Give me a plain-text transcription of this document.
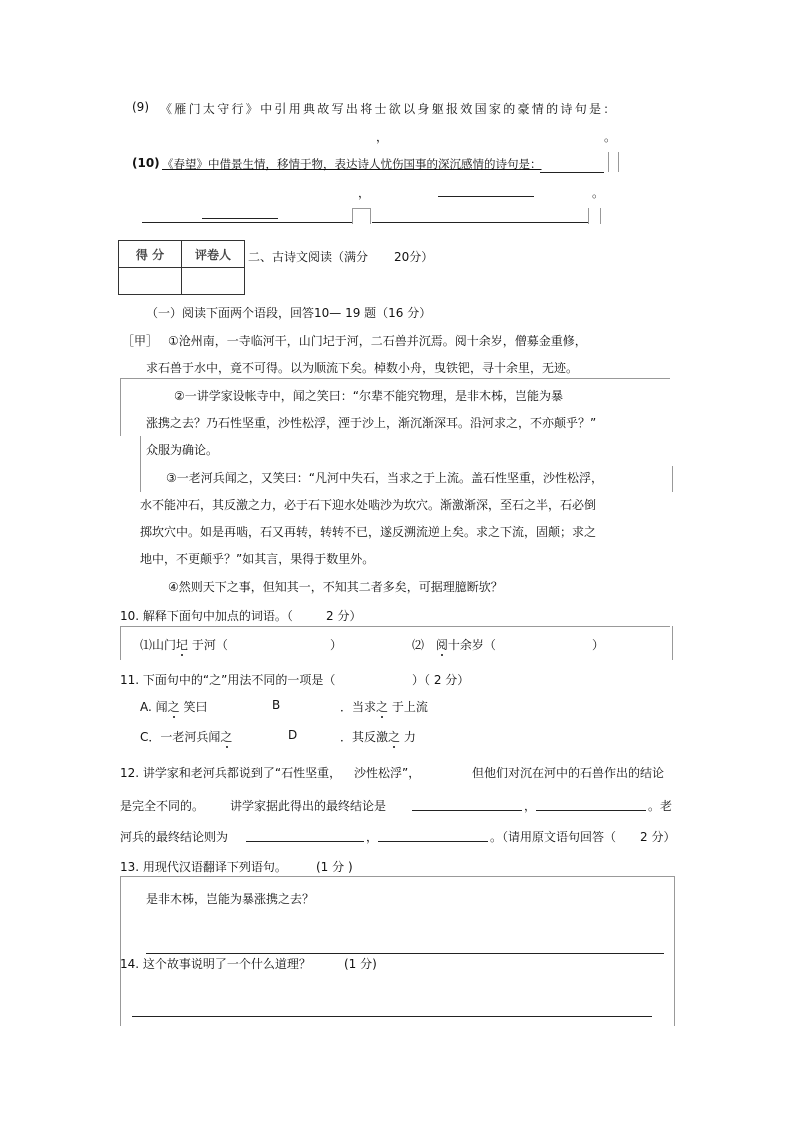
(9) 《雁门太守行》中引用典故写出将士欲以身躯报效国家的豪情的诗句是：
，	。
(10) 《春望》中借景生情，移情于物，表达诗人忧伤国事的深沉感情的诗句是：
，	。
得 分	评卷人
	二、古诗文阅读（满分 20分）
（一）阅读下面两个语段，回答 10— 19 题（16 分）
［甲］ ①沧州南，一寺临河干，山门圮于河，二石兽并沉焉。阅十余岁，僧募金重修，
求石兽于水中，竟不可得。以为顺流下矣。棹数小舟，曳铁钯，寻十余里，无迹。
②一讲学家设帐寺中，闻之笑曰：“尔辈不能究物理，是非木柹，岂能为暴
涨携之去？乃石性坚重，沙性松浮，湮于沙上，渐沉渐深耳。沿河求之，不亦颠乎？”
众服为确论。
③一老河兵闻之，又笑曰：“凡河中失石，当求之于上流。盖石性坚重，沙性松浮，
水不能冲石，其反激之力，必于石下迎水处啮沙为坎穴。渐激渐深，至石之半，石必倒
掷坎穴中。如是再啮，石又再转，转转不已，遂反溯流逆上矣。求之下流，固颠；求之
地中，不更颠乎？”如其言，果得于数里外。
④然则天下之事，但知其一，不知其二者多矣，可据理臆断欤？
10. 解释下面句中加点的词语。（	2 分）
⑴山门圮 于河（	）	⑵ 阅十余岁（	）
11. 下面句中的“之”用法不同的一项是（	）（ 2 分）
A. 闻之 笑曰	B	．当求之 于上流
C．一老河兵闻之	D	．其反激之 力
12. 讲学家和老河兵都说到了“石性坚重， 沙性松浮”，	但他们对沉在河中的石兽作出的结论
是完全不同的。 讲学家据此得出的最终结论是	，	。老
河兵的最终结论则为	，	。（请用原文语句回答（ 2 分）
13. 用现代汉语翻译下列语句。 (1 分 )
是非木柹，岂能为暴涨携之去？
14. 这个故事说明了一个什么道理？	(1 分)
